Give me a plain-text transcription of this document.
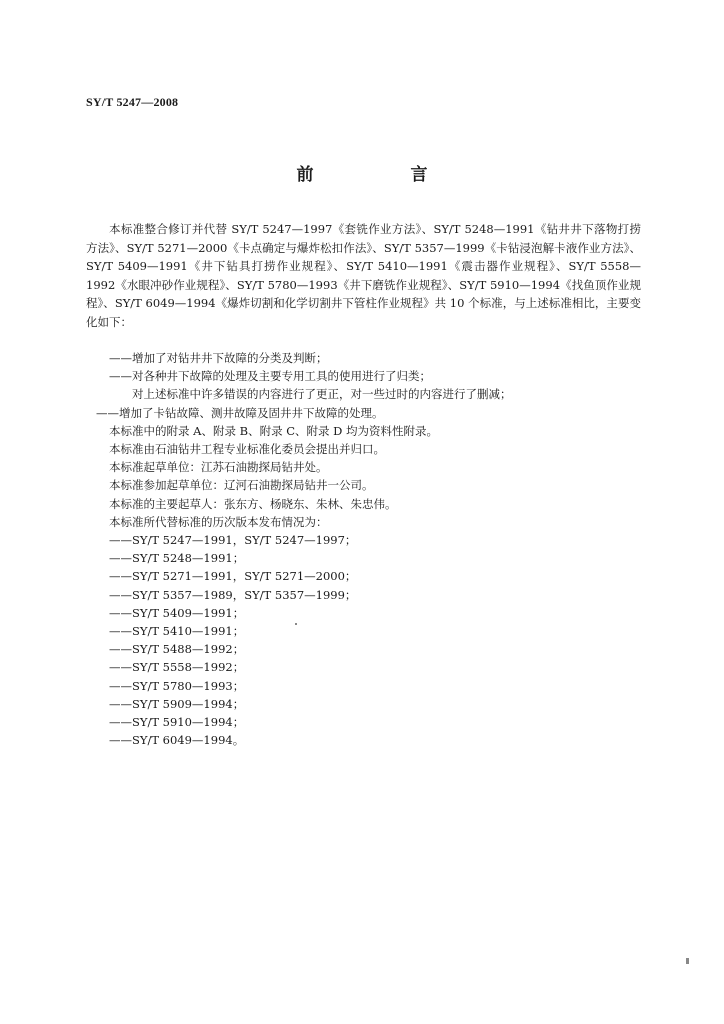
SY/T 5247—2008
前　言

本标准整合修订并代替 SY/T 5247—1997《套铣作业方法》、SY/T 5248—1991《钻井井下落物打捞方法》、SY/T 5271—2000《卡点确定与爆炸松扣作法》、SY/T 5357—1999《卡钻浸泡解卡液作业方法》、SY/T 5409—1991《井下钻具打捞作业规程》、SY/T 5410—1991《震击器作业规程》、SY/T 5558—1992《水眼冲砂作业规程》、SY/T 5780—1993《井下磨铣作业规程》、SY/T 5910—1994《找鱼顶作业规程》、SY/T 6049—1994《爆炸切割和化学切割井下管柱作业规程》共 10 个标准，与上述标准相比，主要变化如下：

——增加了对钻井井下故障的分类及判断；
——对各种井下故障的处理及主要专用工具的使用进行了归类；
对上述标准中许多错误的内容进行了更正，对一些过时的内容进行了删减；
——增加了卡钻故障、测井故障及固井井下故障的处理。
本标准中的附录 A、附录 B、附录 C、附录 D 均为资料性附录。
本标准由石油钻井工程专业标准化委员会提出并归口。
本标准起草单位：江苏石油勘探局钻井处。
本标准参加起草单位：辽河石油勘探局钻井一公司。
本标准的主要起草人：张东方、杨晓东、朱林、朱忠伟。
本标准所代替标准的历次版本发布情况为：
——SY/T 5247—1991，SY/T 5247—1997；
——SY/T 5248—1991；
——SY/T 5271—1991，SY/T 5271—2000；
——SY/T 5357—1989，SY/T 5357—1999；
——SY/T 5409—1991；
——SY/T 5410—1991；
——SY/T 5488—1992；
——SY/T 5558—1992；
——SY/T 5780—1993；
——SY/T 5909—1994；
——SY/T 5910—1994；
——SY/T 6049—1994。
